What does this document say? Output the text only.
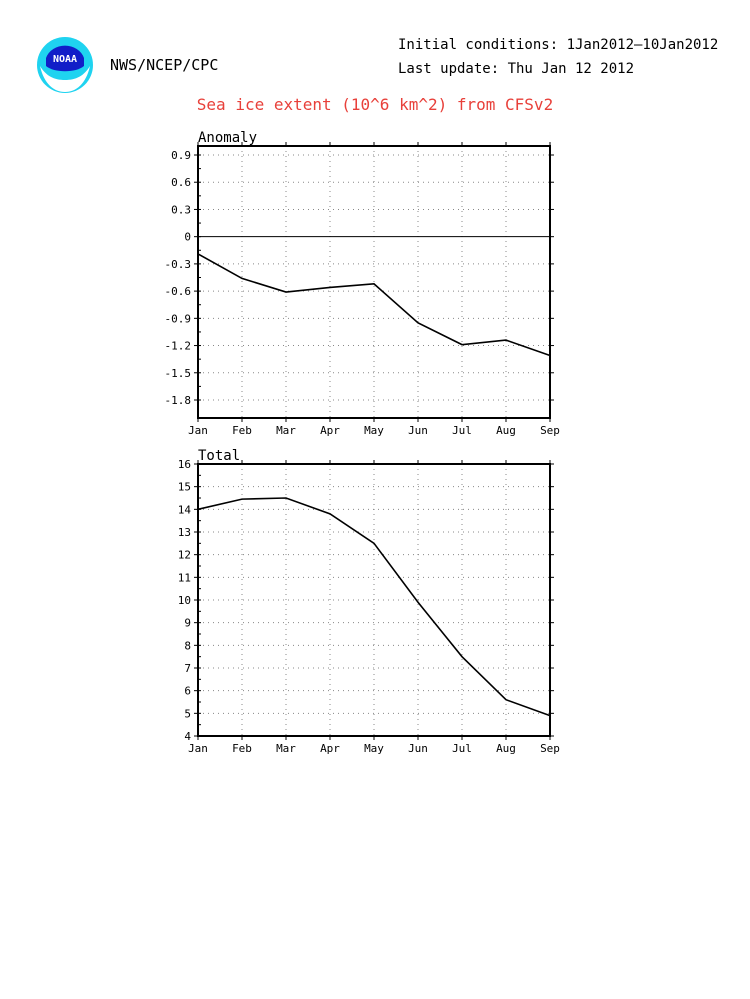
NOAA NWS/NCEP/CPC
Initial conditions: 1Jan2012–10Jan2012
Last update: Thu Jan 12 2012
Sea ice extent (10^6 km^2) from CFSv2
Anomaly
0.9
0.6
0.3
0
-0.3
-0.6
-0.9
-1.2
-1.5
-1.8
Jan Feb Mar Apr May Jun Jul Aug Sep
Total
16
15
14
13
12
11
10
9
8
7
6
5
4
Jan Feb Mar Apr May Jun Jul Aug Sep
